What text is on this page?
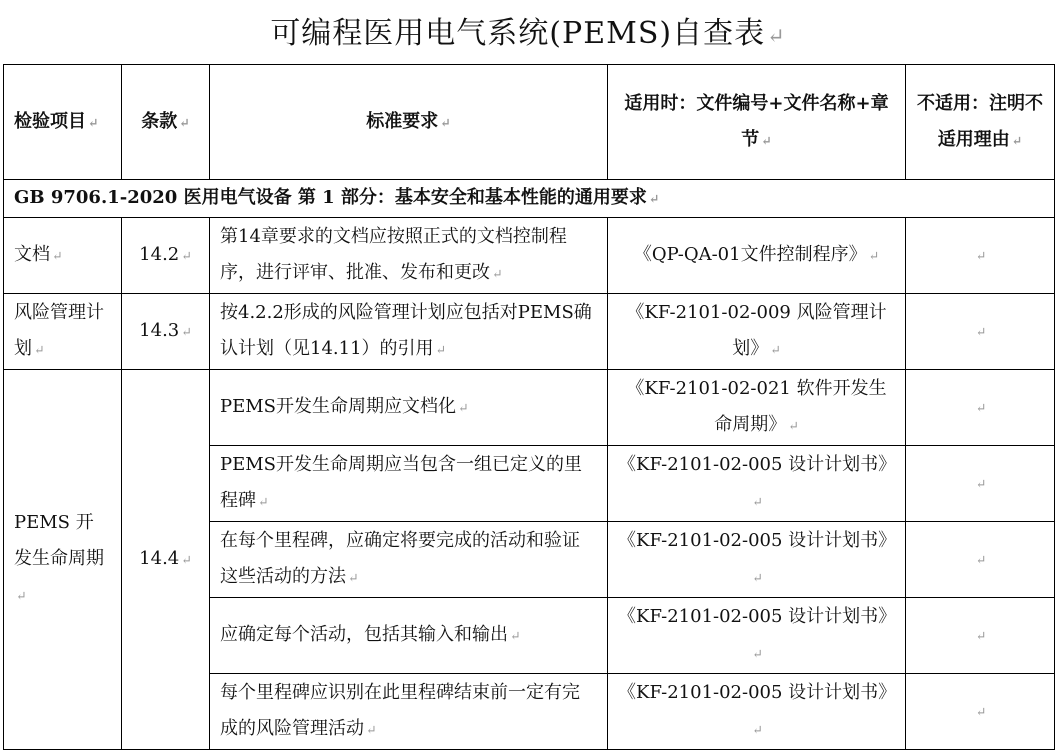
可编程医用电气系统(PEMS)自查表↵
检验项目 ↵	条款 ↵	标准要求 ↵	适用时：文件编号+文件名称+章节 ↵	不适用：注明不适用理由 ↵
GB 9706.1-2020 医用电气设备 第 1 部分：基本安全和基本性能的通用要求 ↵				
文档 ↵	14.2 ↵	第14章要求的文档应按照正式的文档控制程序，进行评审、批准、发布和更改 ↵	《QP-QA-01文件控制程序》 ↵	↵
风险管理计划 ↵	14.3 ↵	按4.2.2形成的风险管理计划应包括对PEMS确认计划（见14.11）的引用 ↵	《KF-2101-02-009 风险管理计划》 ↵	↵
PEMS 开发生命周期↵	14.4 ↵	PEMS开发生命周期应文档化 ↵	《KF-2101-02-021 软件开发生命周期》 ↵	↵
		PEMS开发生命周期应当包含一组已定义的里程碑 ↵	《KF-2101-02-005 设计计划书》↵	↵
		在每个里程碑，应确定将要完成的活动和验证这些活动的方法 ↵	《KF-2101-02-005 设计计划书》↵	↵
		应确定每个活动，包括其输入和输出 ↵	《KF-2101-02-005 设计计划书》↵	↵
		每个里程碑应识别在此里程碑结束前一定有完成的风险管理活动 ↵	《KF-2101-02-005 设计计划书》↵	↵
